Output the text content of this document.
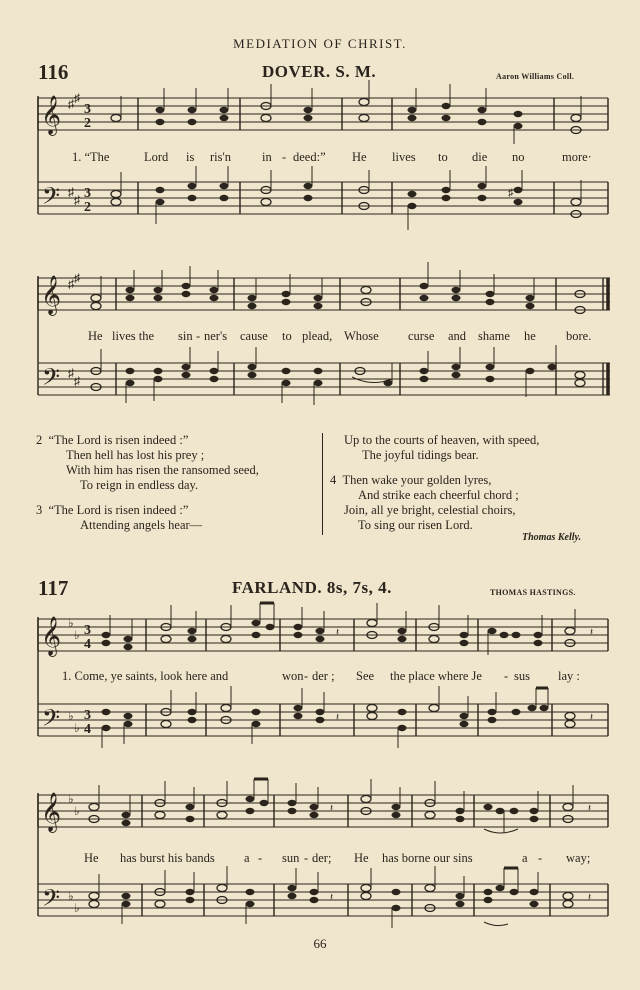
MEDIATION OF CHRIST.
116	DOVER. S. M.	Aaron Williams Coll.
𝄞 ♯ ♯
3
2
1. “The	Lord is ris'n in - deed:” He lives to die no	more·
𝄢 ♯
♯ 3
2
♯
𝄞 ♯ ♯
He lives the sin - ner's cause to plead, Whose curse and shame he bore.
𝄢 ♯
♯
2 “The Lord is risen indeed :”
Then hell has lost his prey ;
With him has risen the ransomed seed,
To reign in endless day.
3 “The Lord is risen indeed :”
Attending angels hear—
Up to the courts of heaven, with speed,
The joyful tidings bear.
4 Then wake your golden lyres,
And strike each cheerful chord ;
Join, all ye bright, celestial choirs,
To sing our risen Lord.
Thomas Kelly.
117	FARLAND. 8s, 7s, 4.	THOMAS HASTINGS.
𝄞 ♭
♭ 3
4
𝄽
𝄽
1. Come, ye saints, look here and	won - der ; See the place where Je - sus lay :
𝄢 ♭
♭
3
4
𝄽
𝄽
𝄞 ♭
♭	𝄽
𝄽
He has burst his bands a - sun - der; He has borne our sins	a - way;
𝄢 ♭
♭
𝄽
𝄽
66
